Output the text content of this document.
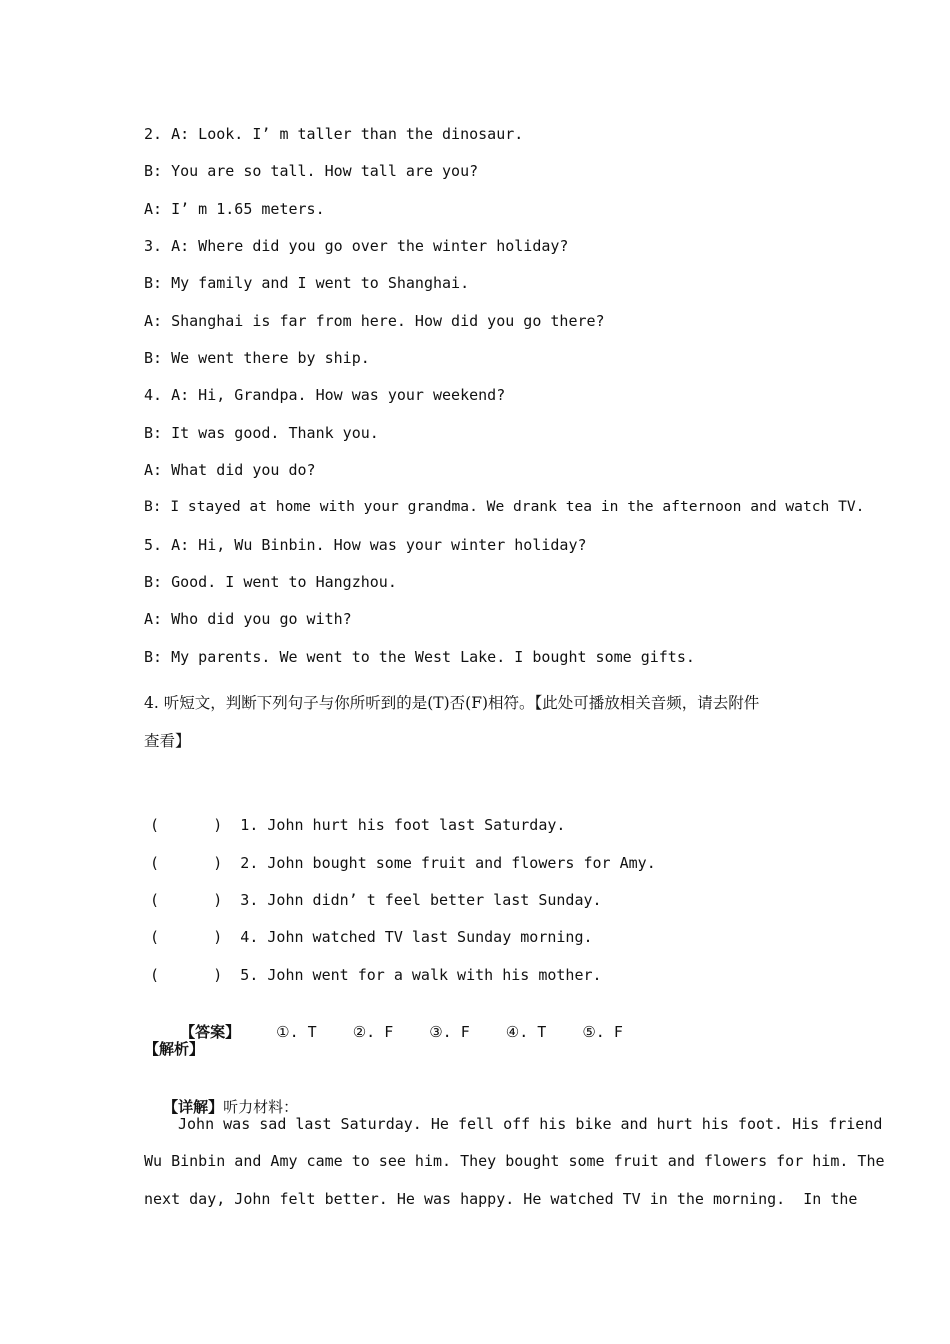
2. A: Look. I’ m taller than the dinosaur.
B: You are so tall. How tall are you?
A: I’ m 1.65 meters.
3. A: Where did you go over the winter holiday?
B: My family and I went to Shanghai.
A: Shanghai is far from here. How did you go there?
B: We went there by ship.
4. A: Hi, Grandpa. How was your weekend?
B: It was good. Thank you.
A: What did you do?
B: I stayed at home with your grandma. We drank tea in the afternoon and watch TV.
5. A: Hi, Wu Binbin. How was your winter holiday?
B: Good. I went to Hangzhou.
A: Who did you go with?
B: My parents. We went to the West Lake. I bought some gifts.
4. 听短文，判断下列句子与你所听到的是(T)否(F)相符。【此处可播放相关音频，请去附件
查看】
(      )  1. John hurt his foot last Saturday.
(      )  2. John bought some fruit and flowers for Amy.
(      )  3. John didn’ t feel better last Sunday.
(      )  4. John watched TV last Sunday morning.
(      )  5. John went for a walk with his mother.

【答案】 ①. T ②. F ③. F ④. T ⑤. F

【解析】

【详解】听力材料：

John was sad last Saturday. He fell off his bike and hurt his foot. His friend
Wu Binbin and Amy came to see him. They bought some fruit and flowers for him. The
next day, John felt better. He was happy. He watched TV in the morning.  In the
